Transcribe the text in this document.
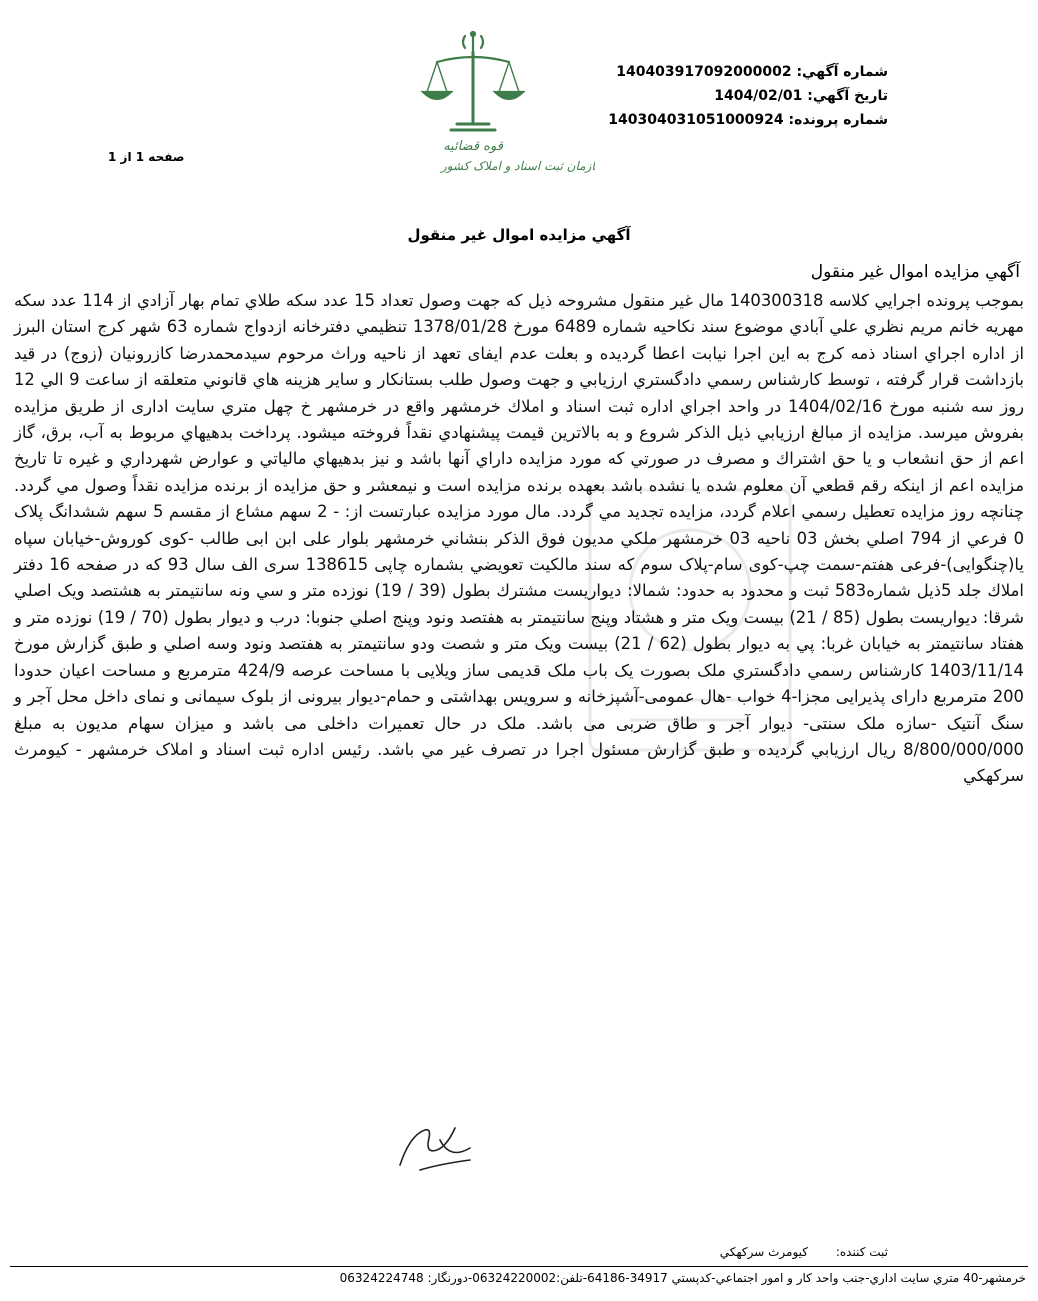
شماره آگهي: 140403917092000002
تاريخ آگهي: 1404/02/01
شماره پرونده: 140304031051000924
قوه قضائیه
سازمان ثبت اسناد و املاک کشور
صفحه 1 از 1
آگهي مزايده اموال غير منقول
آگهي مزايده اموال غير منقول
بموجب پرونده اجرايي كلاسه 140300318 مال غير منقول مشروحه ذيل كه جهت وصول تعداد 15 عدد سكه طلاي تمام بهار آزادي از 114 عدد سكه مهريه خانم مريم نظري علي آبادي موضوع سند نكاحيه شماره 6489 مورخ 1378/01/28 تنظيمي دفترخانه ازدواج شماره 63 شهر كرج استان البرز از اداره اجراي اسناد ذمه كرج به اين اجرا نيابت اعطا گرديده و بعلت عدم ايفای تعهد از ناحيه وراث مرحوم سيدمحمدرضا كازرونيان (زوج) در قيد بازداشت قرار گرفته ، توسط كارشناس رسمي دادگستري ارزيابي و جهت وصول طلب بستانكار و ساير هزينه هاي قانوني متعلقه از ساعت 9 الي 12 روز سه شنبه مورخ 1404/02/16 در واحد اجراي اداره ثبت اسناد و املاك خرمشهر واقع در خرمشهر خ چهل متري سايت اداری از طريق مزايده بفروش ميرسد. مزايده از مبالغ ارزيابي ذيل الذكر شروع و به بالاترين قيمت پيشنهادي نقداً فروخته ميشود. پرداخت بدهيهاي مربوط به آب، برق، گاز اعم از حق انشعاب و يا حق اشتراك و مصرف در صورتي كه مورد مزايده داراي آنها باشد و نيز بدهيهاي مالياتي و عوارض شهرداري و غيره تا تاريخ مزايده اعم از اينكه رقم قطعي آن معلوم شده يا نشده باشد بعهده برنده مزايده است و نيمعشر و حق مزايده از برنده مزايده نقداً وصول مي گردد. چنانچه روز مزايده تعطيل رسمي اعلام گردد، مزايده تجديد مي گردد. مال مورد مزايده عبارتست از: - 2 سهم مشاع از مقسم 5 سهم ششدانگ پلاک 0 فرعي از 794 اصلي بخش 03 ناحيه 03 خرمشهر ملكي مديون فوق الذكر بنشاني خرمشهر بلوار علی ابن ابی طالب -کوی کوروش-خیابان سپاه یا(چنگوایی)-فرعی هفتم-سمت چپ-کوی سام-پلاک سوم که سند مالكيت تعويضي بشماره چاپی 138615 سری الف سال 93 که در صفحه 16 دفتر املاك جلد 5ذيل شماره583 ثبت و محدود به حدود: شمالا: ديواريست مشترك بطول (39 / 19) نوزده متر و سي ونه سانتيمتر به هشتصد ويک اصلي شرقا: ديواريست بطول (85 / 21) بيست ويک متر و هشتاد وپنج سانتيمتر به هفتصد ونود وپنج اصلي جنوبا: درب و ديوار بطول (70 / 19) نوزده متر و هفتاد سانتيمتر به خيابان غربا: پي به ديوار بطول (62 / 21) بيست ويک متر و شصت ودو سانتيمتر به هفتصد ونود وسه اصلي و طبق گزارش مورخ 1403/11/14 كارشناس رسمي دادگستري ملک بصورت یک باب ملک قدیمی ساز ویلایی با مساحت عرصه 424/9 مترمربع و مساحت اعیان حدودا 200 مترمربع دارای پذیرایی مجزا-4 خواب -هال عمومی-آشپزخانه و سرویس بهداشتی و حمام-دیوار بیرونی از بلوک سیمانی و نمای داخل محل آجر و سنگ آنتیک -سازه ملک سنتی- دیوار آجر و طاق ضربی می باشد. ملک در حال تعمیرات داخلی می باشد و میزان سهام مدیون به مبلغ 8/800/000/000 ريال ارزيابي گرديده و طبق گزارش مسئول اجرا در تصرف غير مي باشد. رئيس اداره ثبت اسناد و املاک خرمشهر - كيومرث سركهكي
ثبت كننده: كيومرث سركهكي
خرمشهر-40 متري سايت اداري-جنب واحد كار و امور اجتماعي-كدپستي 34917-64186-تلفن:06324220002-دورنگار: 06324224748
